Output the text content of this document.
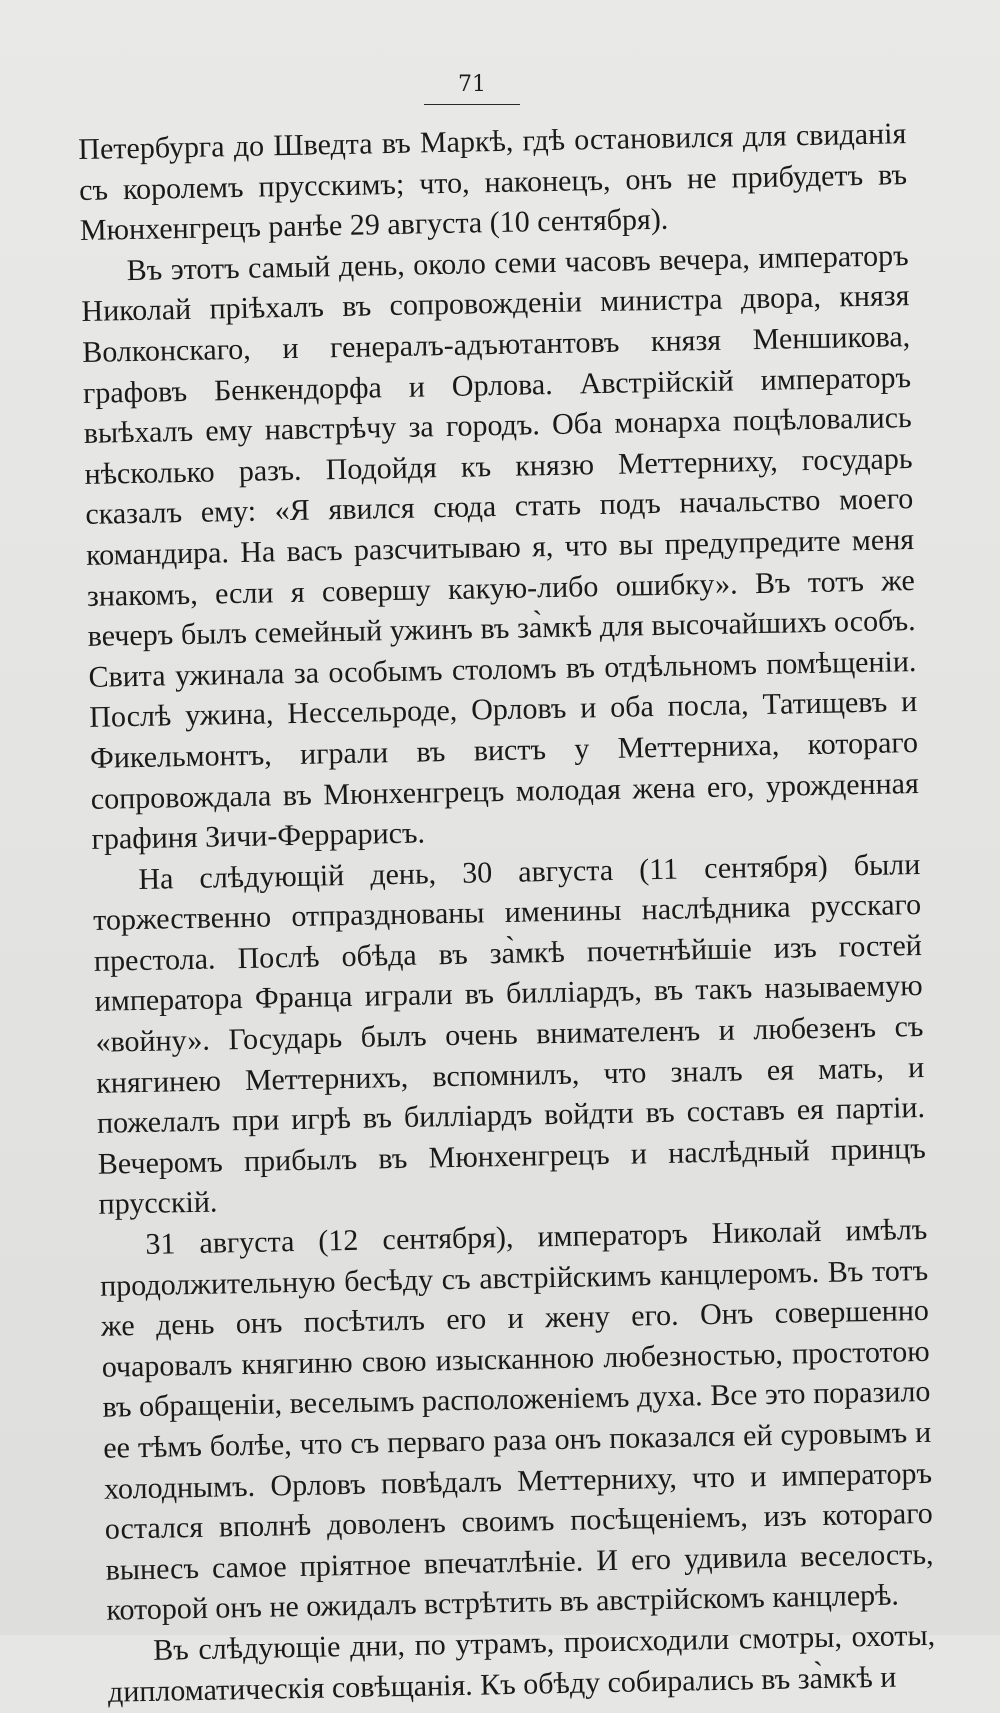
71

Петербурга до Шведта въ Маркѣ, гдѣ остановился для свиданія съ королемъ прусскимъ; что, наконецъ, онъ не прибудетъ въ Мюнхенгрецъ ранѣе 29 августа (10 сентября).

Въ этотъ самый день, около семи часовъ вечера, императоръ Николай пріѣхалъ въ сопровожденіи министра двора, князя Волконскаго, и генералъ-адъютантовъ князя Меншикова, графовъ Бенкендорфа и Орлова. Австрійскій императоръ выѣхалъ ему навстрѣчу за городъ. Оба монарха поцѣловались нѣсколько разъ. Подойдя къ князю Меттерниху, государь сказалъ ему: «Я явился сюда стать подъ начальство моего командира. На васъ разсчитываю я, что вы предупредите меня знакомъ, если я совершу какую-либо ошибку». Въ тотъ же вечеръ былъ семейный ужинъ въ за̀мкѣ для высочайшихъ особъ. Свита ужинала за особымъ столомъ въ отдѣльномъ помѣщеніи. Послѣ ужина, Нессельроде, Орловъ и оба посла, Татищевъ и Фикельмонтъ, играли въ вистъ у Меттерниха, котораго сопровождала въ Мюнхенгрецъ молодая жена его, урожденная графиня Зичи-Феррарисъ.

На слѣдующій день, 30 августа (11 сентября) были торжественно отпразднованы именины наслѣдника русскаго престола. Послѣ обѣда въ за̀мкѣ почетнѣйшіе изъ гостей императора Франца играли въ билліардъ, въ такъ называемую «войну». Государь былъ очень внимателенъ и любезенъ съ княгинею Меттернихъ, вспомнилъ, что зналъ ея мать, и пожелалъ при игрѣ въ билліардъ войдти въ составъ ея партіи. Вечеромъ прибылъ въ Мюнхенгрецъ и наслѣдный принцъ прусскій.

31 августа (12 сентября), императоръ Николай имѣлъ продолжительную бесѣду съ австрійскимъ канцлеромъ. Въ тотъ же день онъ посѣтилъ его и жену его. Онъ совершенно очаровалъ княгиню свою изысканною любезностью, простотою въ обращеніи, веселымъ расположеніемъ духа. Все это поразило ее тѣмъ болѣе, что съ перваго раза онъ показался ей суровымъ и холоднымъ. Орловъ повѣдалъ Меттерниху, что и императоръ остался вполнѣ доволенъ своимъ посѣщеніемъ, изъ котораго вынесъ самое пріятное впечатлѣніе. И его удивила веселость, которой онъ не ожидалъ встрѣтить въ австрійскомъ канцлерѣ.

Въ слѣдующіе дни, по утрамъ, происходили смотры, охоты, дипломатическія совѣщанія. Къ обѣду собирались въ за̀мкѣ и
